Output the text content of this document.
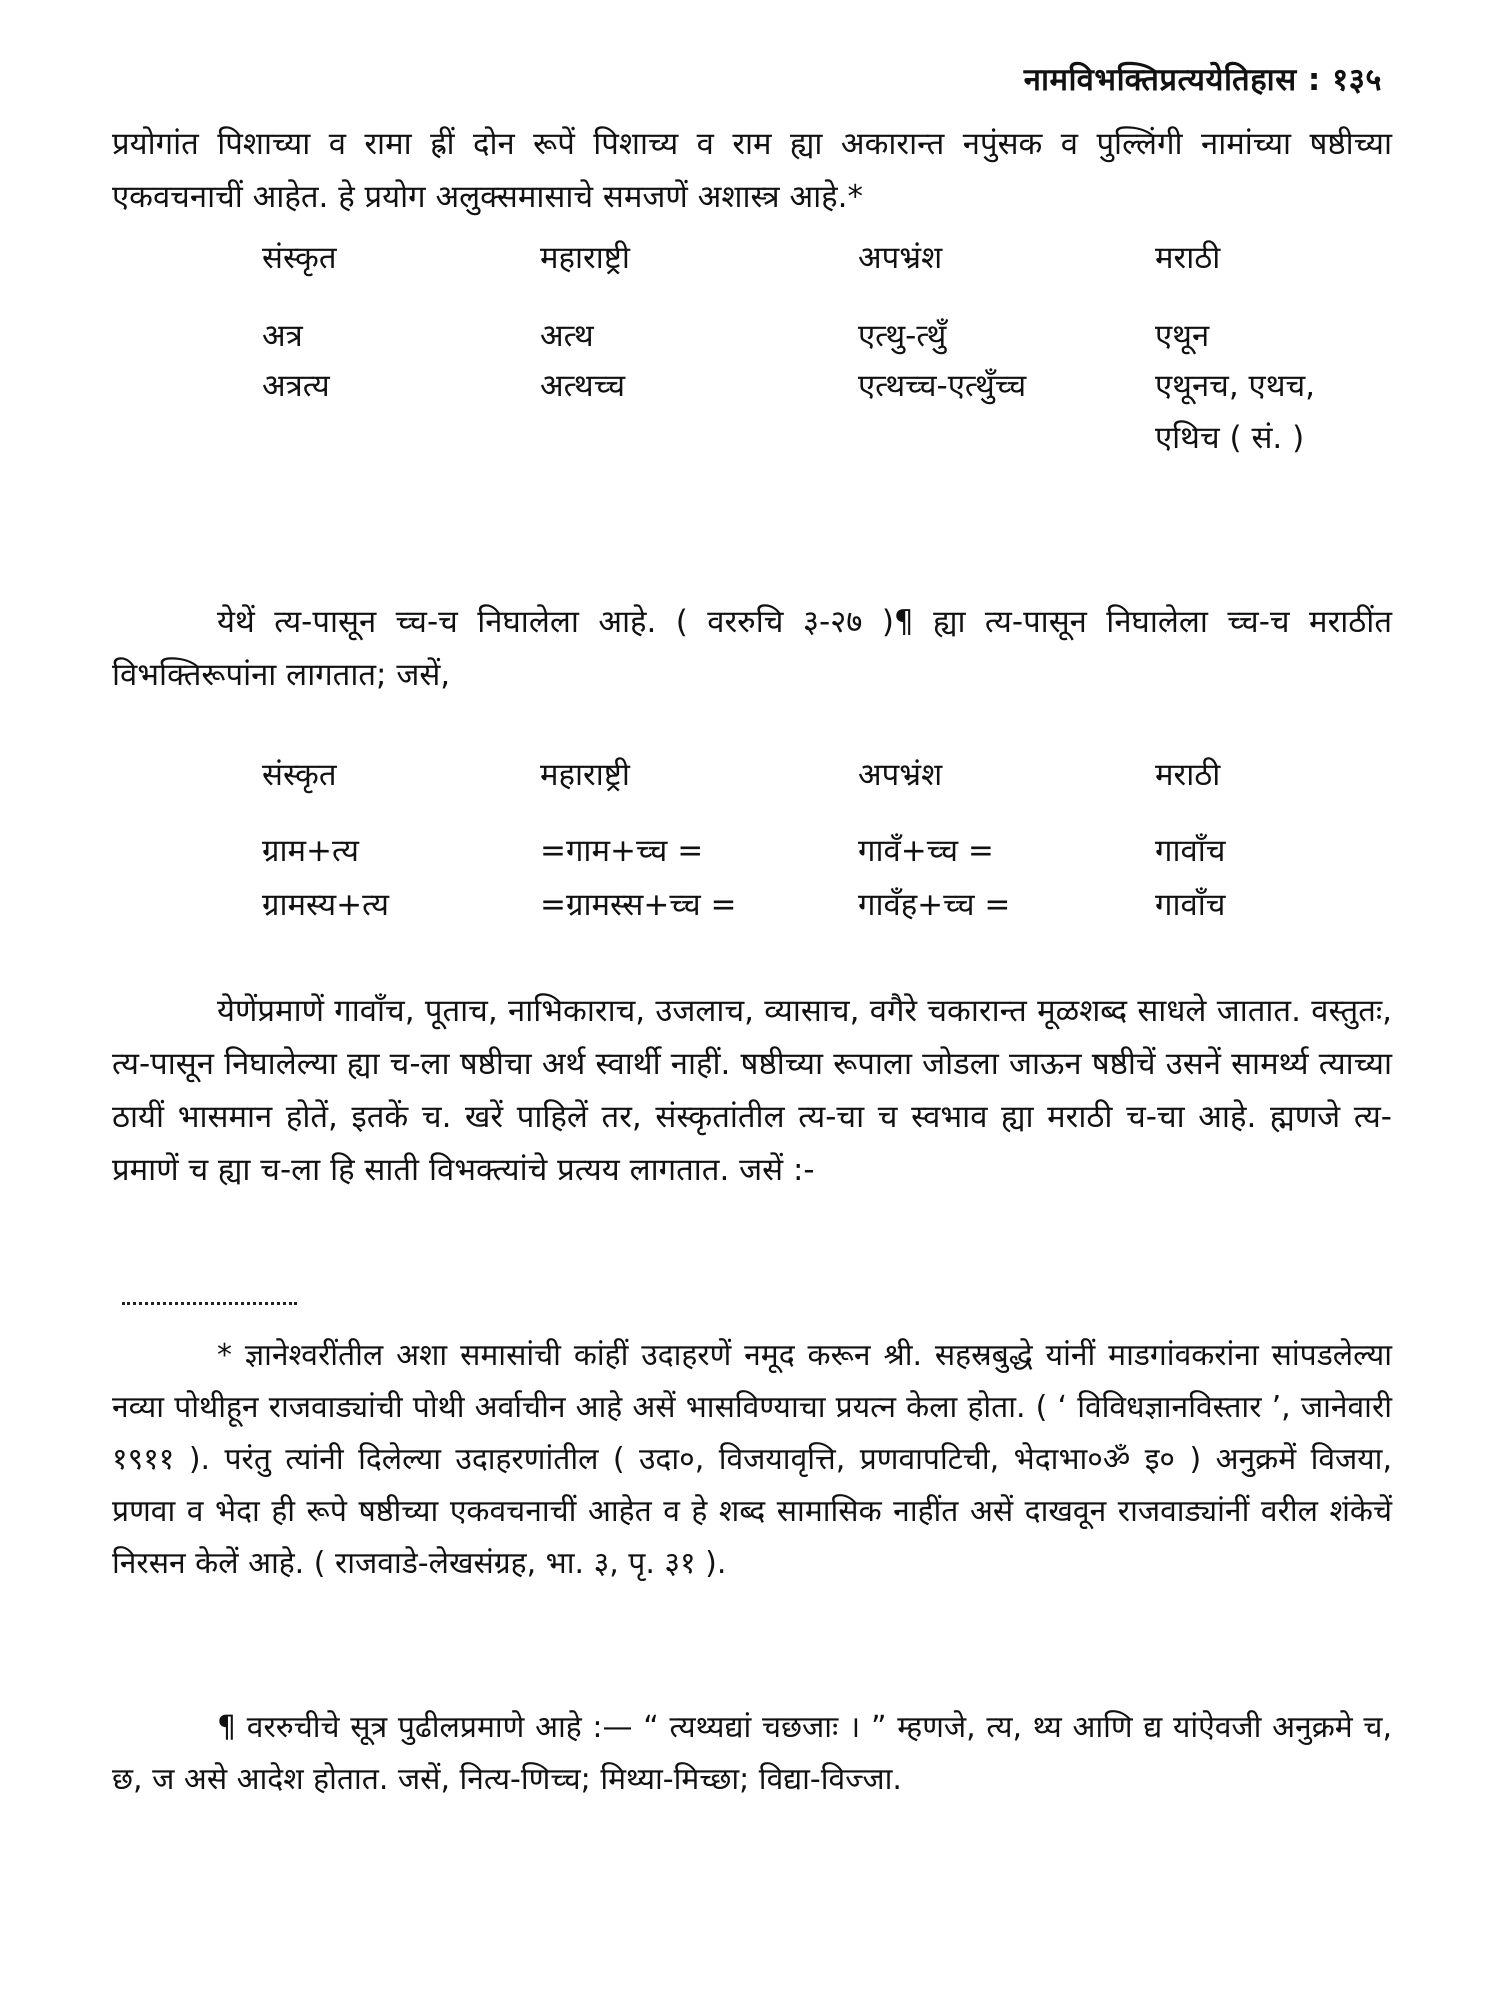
नामविभक्तिप्रत्ययेतिहास : १३५
प्रयोगांत पिशाच्या व रामा ह्रीं दोन रूपें पिशाच्य व राम ह्या अकारान्त नपुंसक व पुल्लिंगी नामांच्या षष्ठीच्या एकवचनाचीं आहेत. हे प्रयोग अलुक्समासाचे समजणें अशास्त्र आहे.*
संस्कृत	महाराष्ट्री	अपभ्रंश	मराठी
अत्र	अत्थ	एत्थु-त्थुँ	एथून
अत्रत्य	अत्थच्च	एत्थच्च-एत्थुँच्च	एथूनच, एथच,
एथिच ( सं. )
येथें त्य-पासून च्च-च निघालेला आहे. ( वररुचि ३-२७ )¶ ह्या त्य-पासून निघालेला च्च-च मराठींत विभक्तिरूपांना लागतात; जसें,
संस्कृत	महाराष्ट्री	अपभ्रंश	मराठी
ग्राम+त्य	=गाम+च्च =	गावँ+च्च =	गावाँच
ग्रामस्य+त्य	=ग्रामस्स+च्च =	गावँह+च्च =	गावाँच
येणेंप्रमाणें गावाँच, पूताच, नाभिकाराच, उजलाच, व्यासाच, वगैरे चकारान्त मूळशब्द साधले जातात. वस्तुतः, त्य-पासून निघालेल्या ह्या च-ला षष्ठीचा अर्थ स्वार्थी नाहीं. षष्ठीच्या रूपाला जोडला जाऊन षष्ठीचें उसनें सामर्थ्य त्याच्या ठायीं भासमान होतें, इतकें च. खरें पाहिलें तर, संस्कृतांतील त्य-चा च स्वभाव ह्या मराठी च-चा आहे. ह्मणजे त्य-प्रमाणें च ह्या च-ला हि साती विभक्त्यांचे प्रत्यय लागतात. जसें :-
* ज्ञानेश्वरींतील अशा समासांची कांहीं उदाहरणें नमूद करून श्री. सहस्रबुद्धे यांनीं माडगांवकरांना सांपडलेल्या नव्या पोथीहून राजवाड्यांची पोथी अर्वाचीन आहे असें भासविण्याचा प्रयत्न केला होता. ( ‘ विविधज्ञानविस्तार ’, जानेवारी १९११ ). परंतु त्यांनी दिलेल्या उदाहरणांतील ( उदा०, विजयावृत्ति, प्रणवापटिची, भेदाभा०ॐ इ० ) अनुक्रमें विजया, प्रणवा व भेदा ही रूपे षष्ठीच्या एकवचनाचीं आहेत व हे शब्द सामासिक नाहींत असें दाखवून राजवाड्यांनीं वरील शंकेचें निरसन केलें आहे. ( राजवाडे-लेखसंग्रह, भा. ३, पृ. ३१ ).
¶ वररुचीचे सूत्र पुढीलप्रमाणे आहे :— “ त्यथ्यद्यां चछजाः । ” म्हणजे, त्य, थ्य आणि द्य यांऐवजी अनुक्रमे च, छ, ज असे आदेश होतात. जसें, नित्य-णिच्च; मिथ्या-मिच्छा; विद्या-विज्जा.
